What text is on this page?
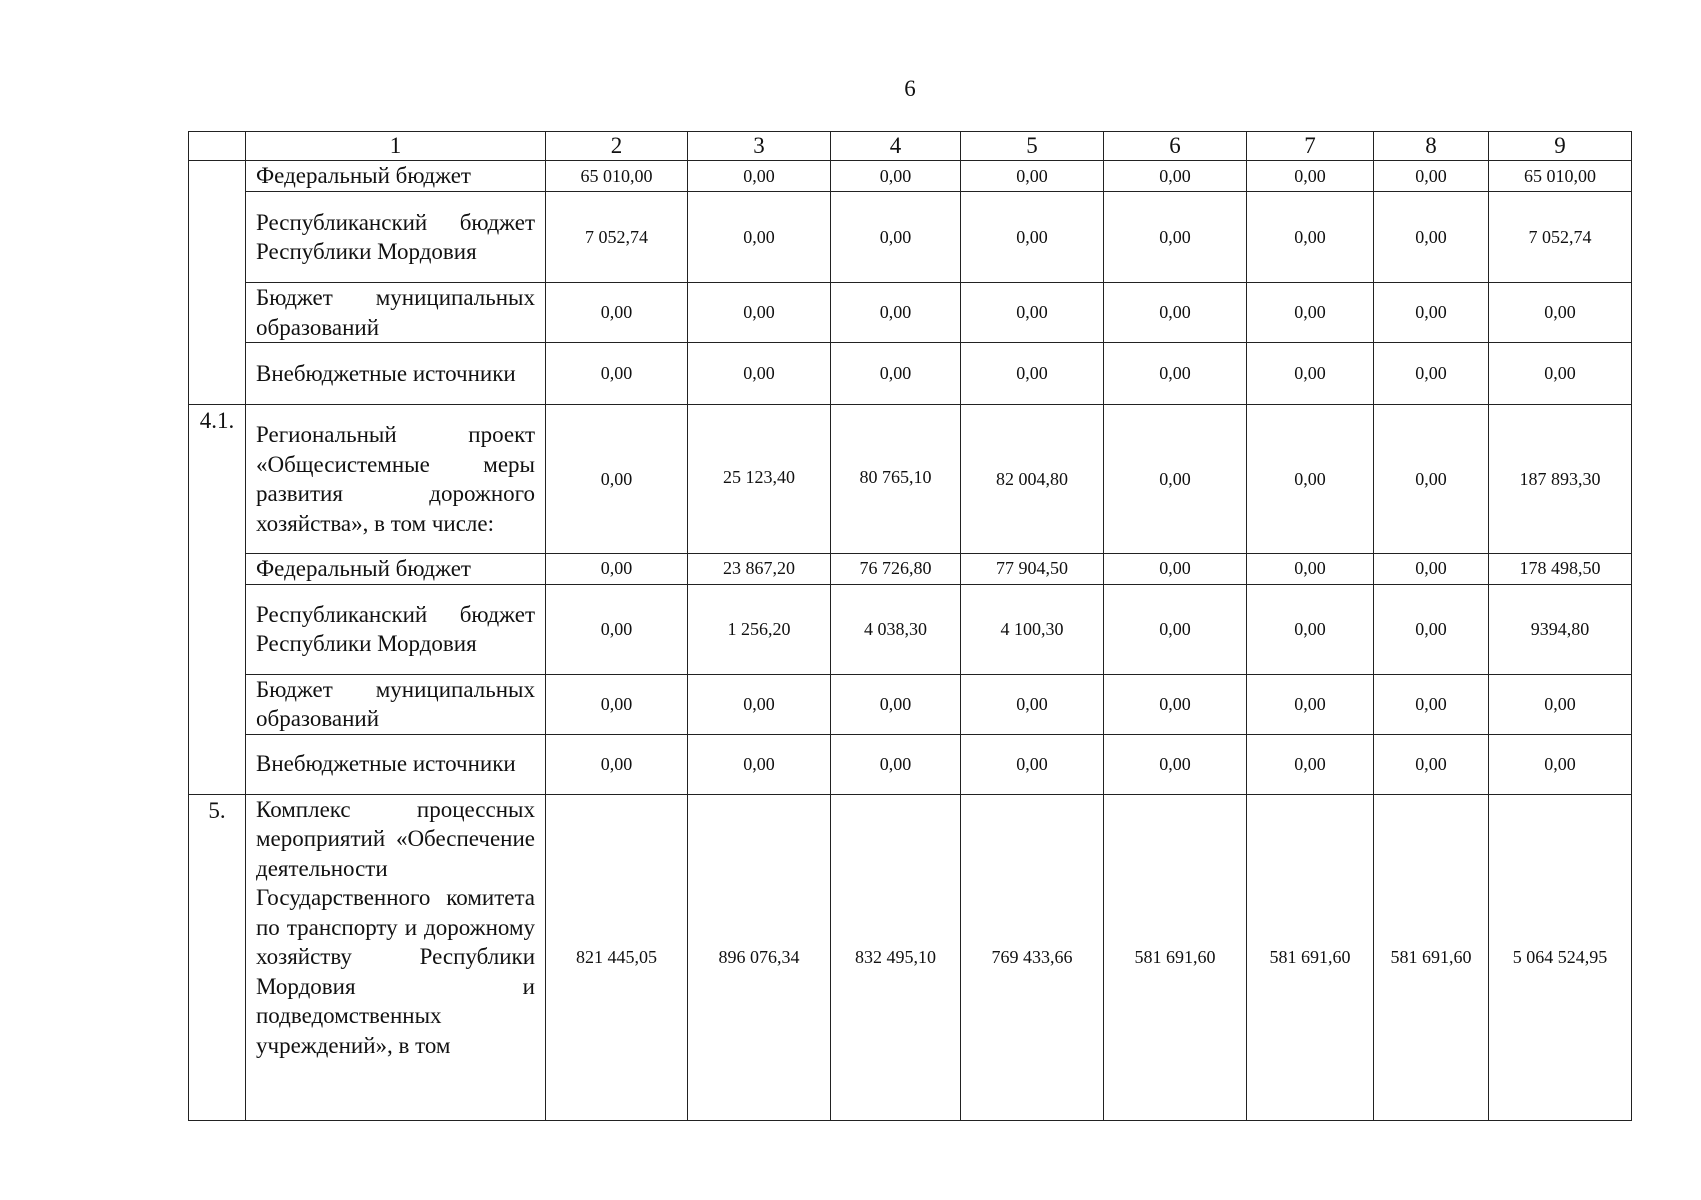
6
	1	2	3	4	5	6	7	8	9
	Федеральный бюджет	65 010,00	0,00	0,00	0,00	0,00	0,00	0,00	65 010,00
	Республиканский бюджет Республики Мордовия	7 052,74	0,00	0,00	0,00	0,00	0,00	0,00	7 052,74
	Бюджет муниципальных образований	0,00	0,00	0,00	0,00	0,00	0,00	0,00	0,00
	Внебюджетные источники	0,00	0,00	0,00	0,00	0,00	0,00	0,00	0,00
4.1.	Региональный проект «Общесистемные меры развития дорожного хозяйства», в том числе:	0,00	25 123,40	80 765,10	82 004,80	0,00	0,00	0,00	187 893,30
	Федеральный бюджет	0,00	23 867,20	76 726,80	77 904,50	0,00	0,00	0,00	178 498,50
	Республиканский бюджет Республики Мордовия	0,00	1 256,20	4 038,30	4 100,30	0,00	0,00	0,00	9394,80
	Бюджет муниципальных образований	0,00	0,00	0,00	0,00	0,00	0,00	0,00	0,00
	Внебюджетные источники	0,00	0,00	0,00	0,00	0,00	0,00	0,00	0,00
5.	Комплекс процессных мероприятий «Обеспечение деятельности Государственного комитета по транспорту и дорожному хозяйству Республики Мордовия и подведомственных учреждений», в том	821 445,05	896 076,34	832 495,10	769 433,66	581 691,60	581 691,60	581 691,60	5 064 524,95
